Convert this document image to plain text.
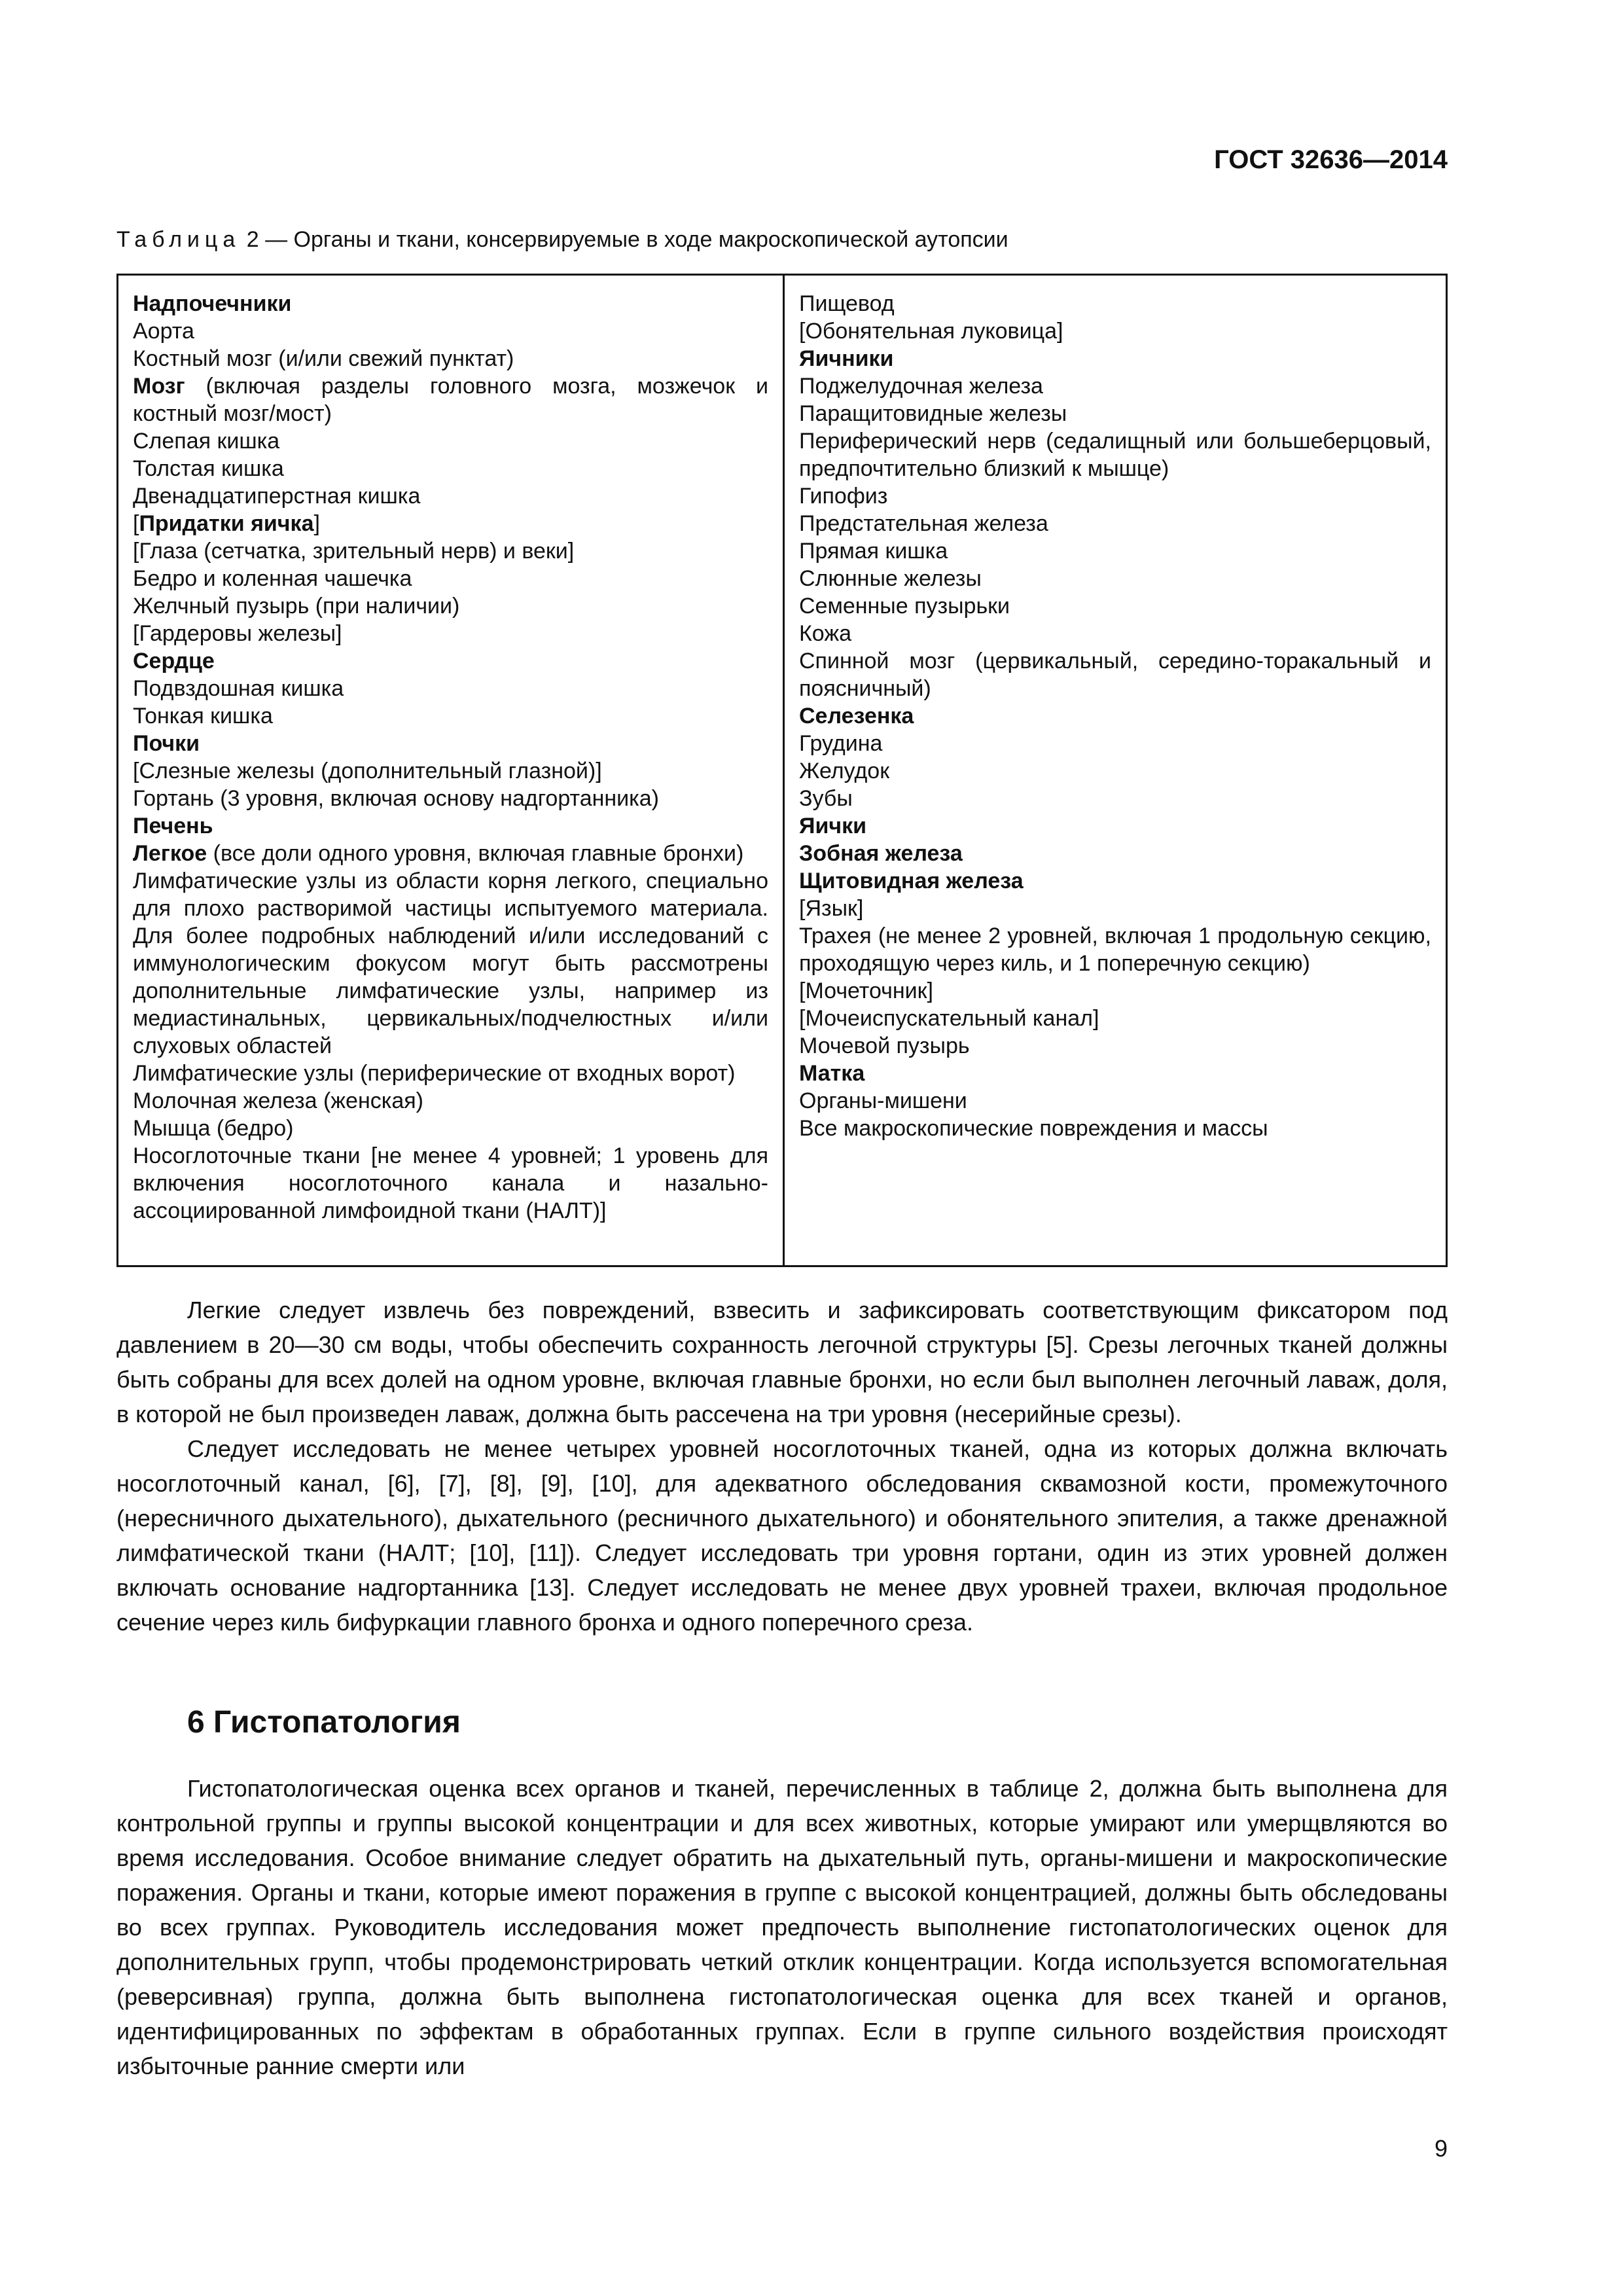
ГОСТ 32636—2014
Таблица 2 — Органы и ткани, консервируемые в ходе макроскопической аутопсии
Надпочечники
Аорта
Костный мозг (и/или свежий пунктат)
Мозг (включая разделы головного мозга, мозжечок и костный мозг/мост)
Слепая кишка
Толстая кишка
Двенадцатиперстная кишка
[Придатки яичка]
[Глаза (сетчатка, зрительный нерв) и веки]
Бедро и коленная чашечка
Желчный пузырь (при наличии)
[Гардеровы железы]
Сердце
Подвздошная кишка
Тонкая кишка
Почки
[Слезные железы (дополнительный глазной)]
Гортань (3 уровня, включая основу надгортанника)
Печень
Легкое (все доли одного уровня, включая главные бронхи)
Лимфатические узлы из области корня легкого, специально для плохо растворимой частицы испытуемого материала. Для более подробных наблюдений и/или исследований с иммунологическим фокусом могут быть рассмотрены дополнительные лимфатические узлы, например из медиастинальных, цервикальных/подчелюстных и/или слуховых областей
Лимфатические узлы (периферические от входных ворот)
Молочная железа (женская)
Мышца (бедро)
Носоглоточные ткани [не менее 4 уровней; 1 уровень для включения носоглоточного канала и назально-ассоциированной лимфоидной ткани (НАЛТ)]
Пищевод
[Обонятельная луковица]
Яичники
Поджелудочная железа
Паращитовидные железы
Периферический нерв (седалищный или большеберцовый, предпочтительно близкий к мышце)
Гипофиз
Предстательная железа
Прямая кишка
Слюнные железы
Семенные пузырьки
Кожа
Спинной мозг (цервикальный, середино-торакальный и поясничный)
Селезенка
Грудина
Желудок
Зубы
Яички
Зобная железа
Щитовидная железа
[Язык]
Трахея (не менее 2 уровней, включая 1 продольную секцию, проходящую через киль, и 1 поперечную секцию)
[Мочеточник]
[Мочеиспускательный канал]
Мочевой пузырь
Матка
Органы-мишени
Все макроскопические повреждения и массы

Легкие следует извлечь без повреждений, взвесить и зафиксировать соответствующим фиксатором под давлением в 20—30 см воды, чтобы обеспечить сохранность легочной структуры [5]. Срезы легочных тканей должны быть собраны для всех долей на одном уровне, включая главные бронхи, но если был выполнен легочный лаваж, доля, в которой не был произведен лаваж, должна быть рассечена на три уровня (несерийные срезы).

Следует исследовать не менее четырех уровней носоглоточных тканей, одна из которых должна включать носоглоточный канал, [6], [7], [8], [9], [10], для адекватного обследования сквамозной кости, промежуточного (нересничного дыхательного), дыхательного (ресничного дыхательного) и обонятельного эпителия, а также дренажной лимфатической ткани (НАЛТ; [10], [11]). Следует исследовать три уровня гортани, один из этих уровней должен включать основание надгортанника [13]. Следует исследовать не менее двух уровней трахеи, включая продольное сечение через киль бифуркации главного бронха и одного поперечного среза.

6 Гистопатология

Гистопатологическая оценка всех органов и тканей, перечисленных в таблице 2, должна быть выполнена для контрольной группы и группы высокой концентрации и для всех животных, которые умирают или умерщвляются во время исследования. Особое внимание следует обратить на дыхательный путь, органы-мишени и макроскопические поражения. Органы и ткани, которые имеют поражения в группе с высокой концентрацией, должны быть обследованы во всех группах. Руководитель исследования может предпочесть выполнение гистопатологических оценок для дополнительных групп, чтобы продемонстрировать четкий отклик концентрации. Когда используется вспомогательная (реверсивная) группа, должна быть выполнена гистопатологическая оценка для всех тканей и органов, идентифицированных по эффектам в обработанных группах. Если в группе сильного воздействия происходят избыточные ранние смерти или

9
